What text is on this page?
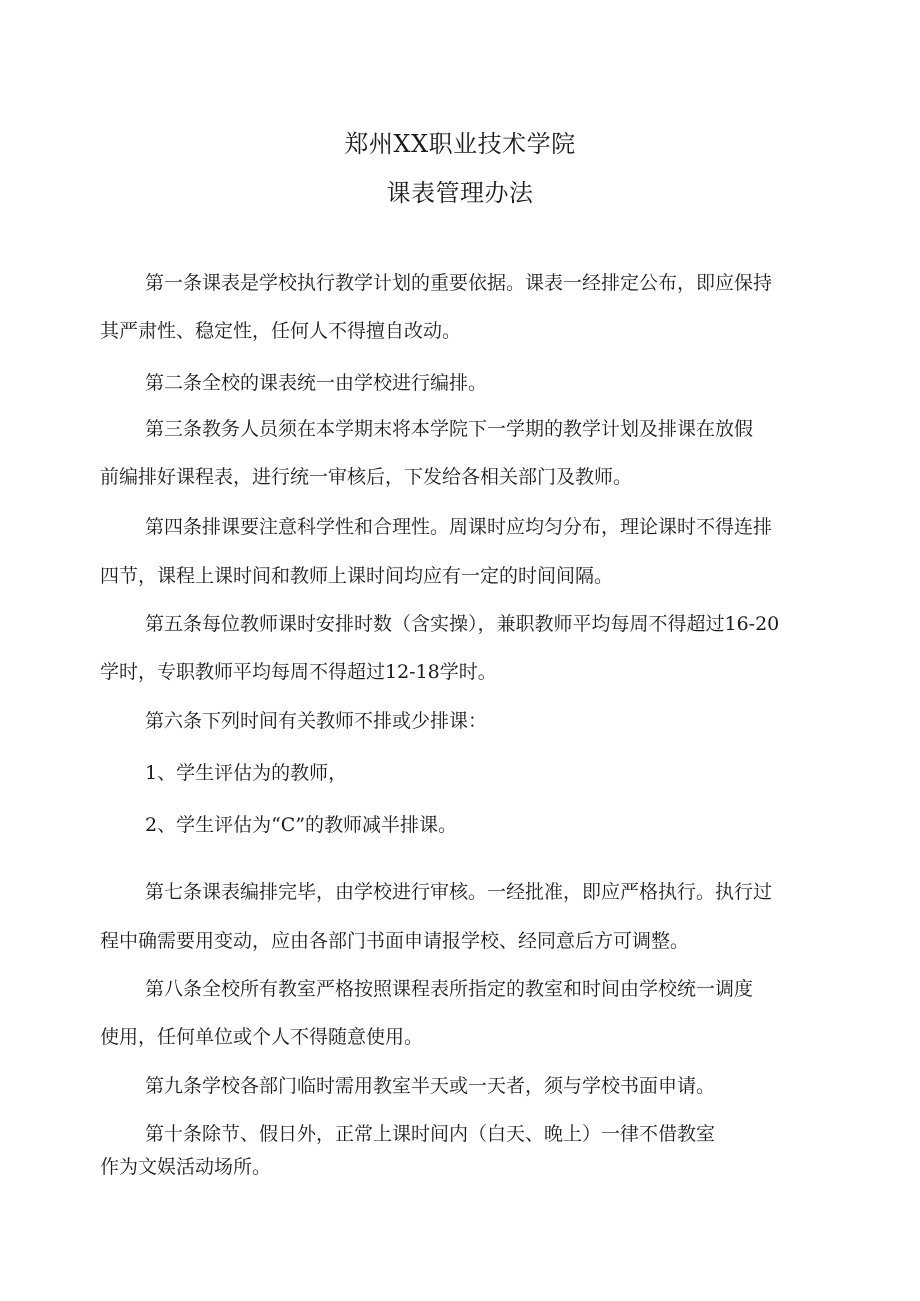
郑州XX职业技术学院
课表管理办法
第一条课表是学校执行教学计划的重要依据。课表一经排定公布，即应保持
其严肃性、稳定性，任何人不得擅自改动。
第二条全校的课表统一由学校进行编排。
第三条教务人员须在本学期末将本学院下一学期的教学计划及排课在放假
前编排好课程表，进行统一审核后，下发给各相关部门及教师。
第四条排课要注意科学性和合理性。周课时应均匀分布，理论课时不得连排
四节，课程上课时间和教师上课时间均应有一定的时间间隔。
第五条每位教师课时安排时数（含实操），兼职教师平均每周不得超过16-20
学时，专职教师平均每周不得超过12-18学时。
第六条下列时间有关教师不排或少排课：
1、学生评估为的教师，
2、学生评估为“C”的教师减半排课。
第七条课表编排完毕，由学校进行审核。一经批准，即应严格执行。执行过
程中确需要用变动，应由各部门书面申请报学校、经同意后方可调整。
第八条全校所有教室严格按照课程表所指定的教室和时间由学校统一调度
使用，任何单位或个人不得随意使用。
第九条学校各部门临时需用教室半天或一天者，须与学校书面申请。
第十条除节、假日外，正常上课时间内（白天、晚上）一律不借教室
作为文娱活动场所。
